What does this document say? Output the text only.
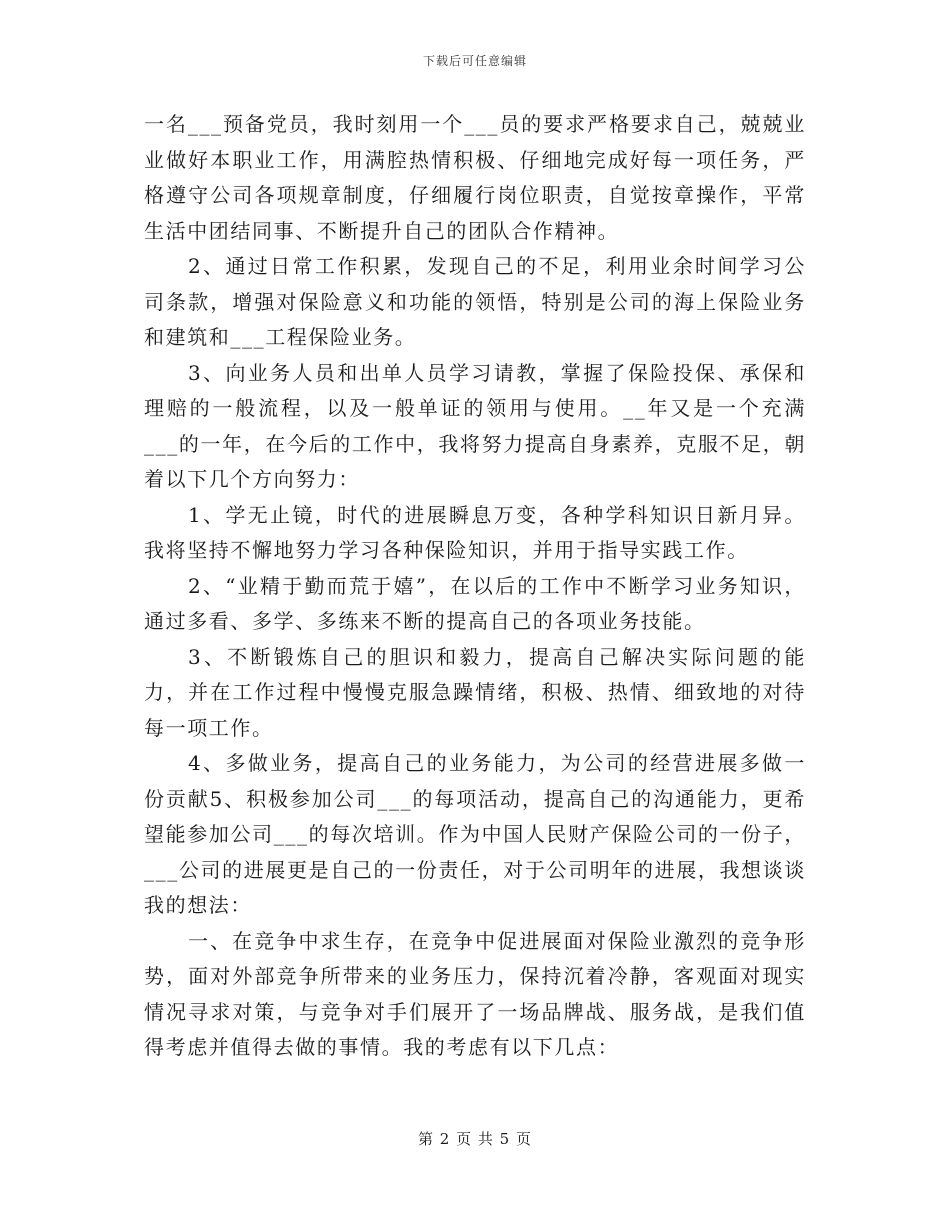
下载后可任意编辑

一名___预备党员，我时刻用一个___员的要求严格要求自己，兢兢业业做好本职业工作，用满腔热情积极、仔细地完成好每一项任务，严格遵守公司各项规章制度，仔细履行岗位职责，自觉按章操作，平常生活中团结同事、不断提升自己的团队合作精神。

2、通过日常工作积累，发现自己的不足，利用业余时间学习公司条款，增强对保险意义和功能的领悟，特别是公司的海上保险业务和建筑和___工程保险业务。

3、向业务人员和出单人员学习请教，掌握了保险投保、承保和理赔的一般流程，以及一般单证的领用与使用。__年又是一个充满___的一年，在今后的工作中，我将努力提高自身素养，克服不足，朝着以下几个方向努力：

1、学无止镜，时代的进展瞬息万变，各种学科知识日新月异。我将坚持不懈地努力学习各种保险知识，并用于指导实践工作。

2、“业精于勤而荒于嬉”，在以后的工作中不断学习业务知识，通过多看、多学、多练来不断的提高自己的各项业务技能。

3、不断锻炼自己的胆识和毅力，提高自己解决实际问题的能力，并在工作过程中慢慢克服急躁情绪，积极、热情、细致地的对待每一项工作。

4、多做业务，提高自己的业务能力，为公司的经营进展多做一份贡献5、积极参加公司___的每项活动，提高自己的沟通能力，更希望能参加公司___的每次培训。作为中国人民财产保险公司的一份子，___公司的进展更是自己的一份责任，对于公司明年的进展，我想谈谈我的想法：

一、在竞争中求生存，在竞争中促进展面对保险业激烈的竞争形势，面对外部竞争所带来的业务压力，保持沉着冷静，客观面对现实情况寻求对策，与竞争对手们展开了一场品牌战、服务战，是我们值得考虑并值得去做的事情。我的考虑有以下几点：

第 2 页 共 5 页
